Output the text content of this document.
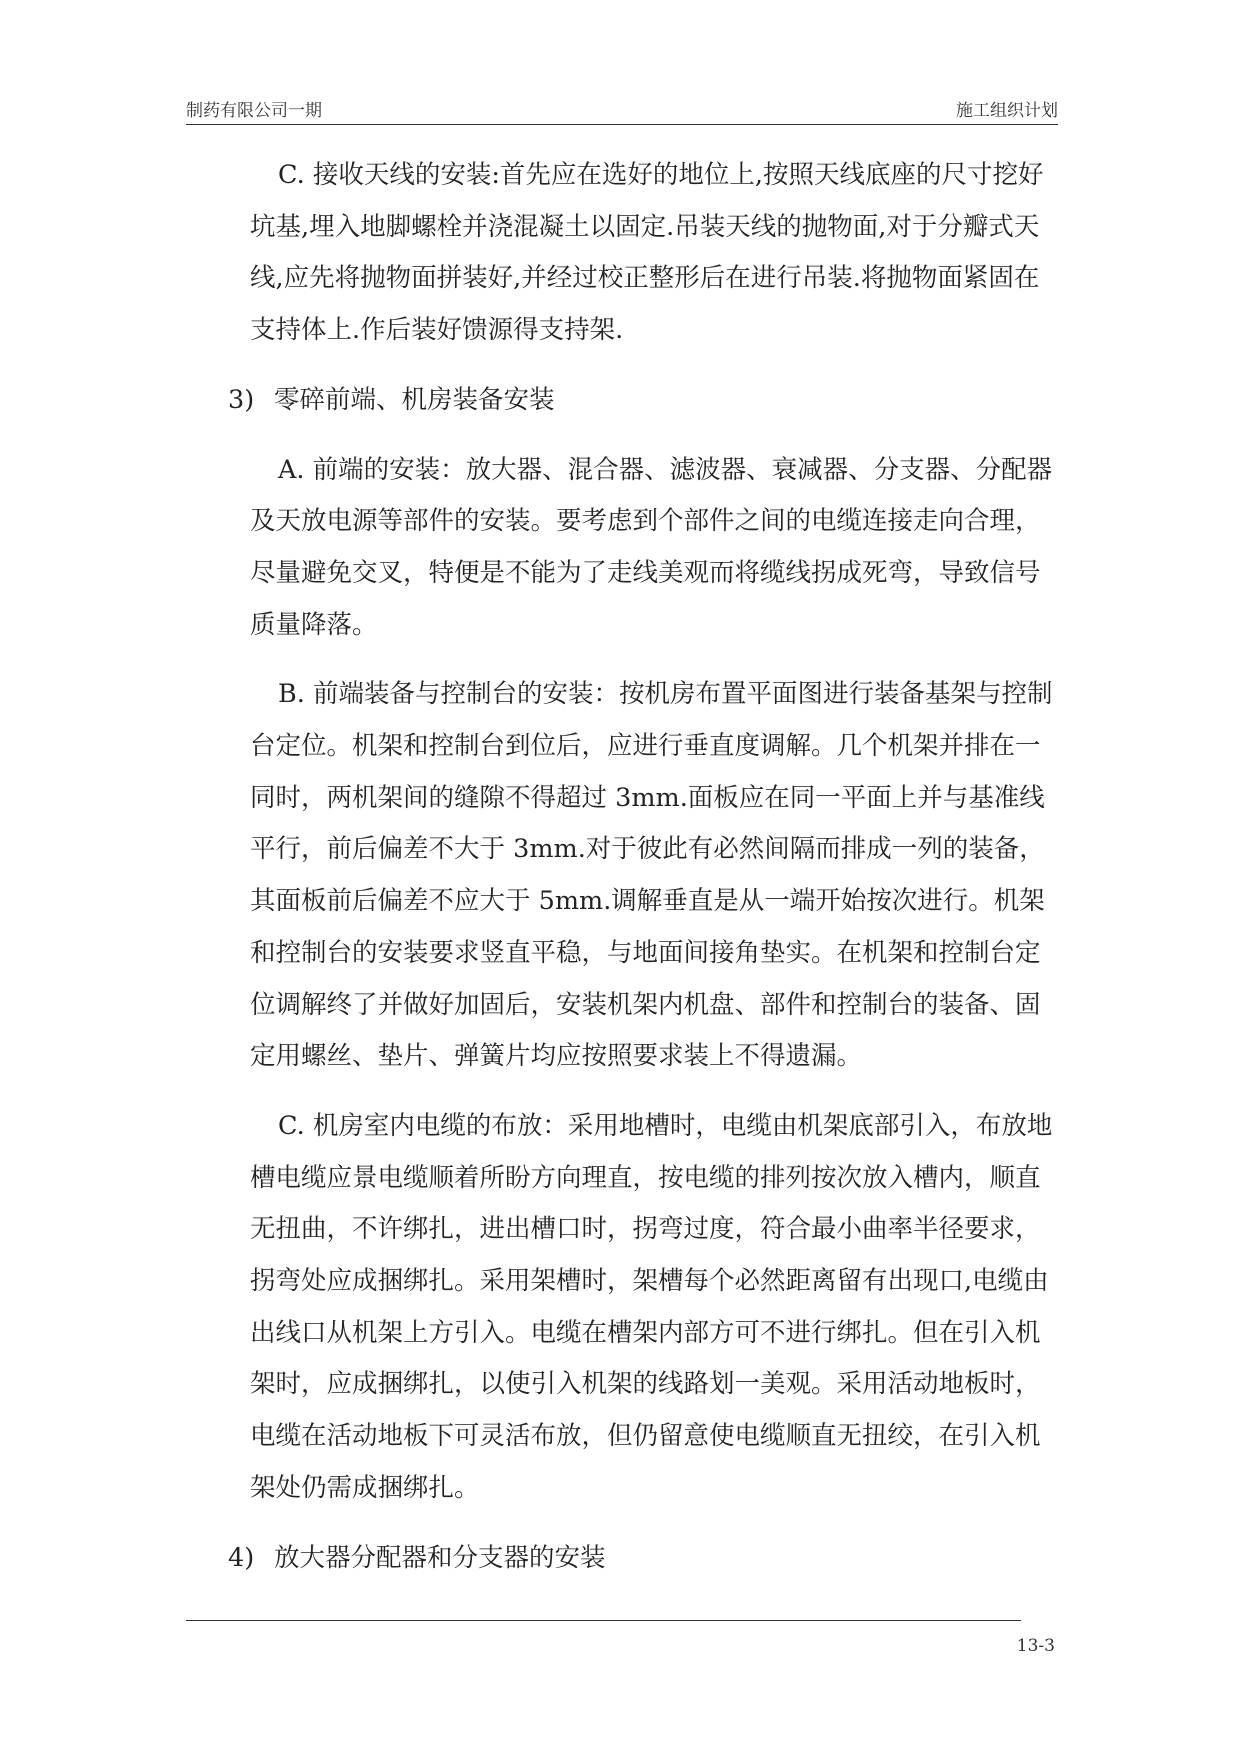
制药有限公司一期	施工组织计划

C. 接收天线的安装:首先应在选好的地位上,按照天线底座的尺寸挖好坑基,埋入地脚螺栓并浇混凝土以固定.吊装天线的抛物面,对于分瓣式天线,应先将抛物面拼装好,并经过校正整形后在进行吊装.将抛物面紧固在支持体上.作后装好馈源得支持架.

3) 零碎前端、机房装备安装

A. 前端的安装：放大器、混合器、滤波器、衰减器、分支器、分配器及天放电源等部件的安装。要考虑到个部件之间的电缆连接走向合理，尽量避免交叉，特便是不能为了走线美观而将缆线拐成死弯，导致信号质量降落。

B. 前端装备与控制台的安装：按机房布置平面图进行装备基架与控制台定位。机架和控制台到位后，应进行垂直度调解。几个机架并排在一同时，两机架间的缝隙不得超过 3mm.面板应在同一平面上并与基准线平行，前后偏差不大于 3mm.对于彼此有必然间隔而排成一列的装备，其面板前后偏差不应大于 5mm.调解垂直是从一端开始按次进行。机架和控制台的安装要求竖直平稳，与地面间接角垫实。在机架和控制台定位调解终了并做好加固后，安装机架内机盘、部件和控制台的装备、固定用螺丝、垫片、弹簧片均应按照要求装上不得遗漏。

C. 机房室内电缆的布放：采用地槽时，电缆由机架底部引入，布放地槽电缆应景电缆顺着所盼方向理直，按电缆的排列按次放入槽内，顺直无扭曲，不许绑扎，进出槽口时，拐弯过度，符合最小曲率半径要求，拐弯处应成捆绑扎。采用架槽时，架槽每个必然距离留有出现口,电缆由出线口从机架上方引入。电缆在槽架内部方可不进行绑扎。但在引入机架时，应成捆绑扎，以使引入机架的线路划一美观。采用活动地板时，电缆在活动地板下可灵活布放，但仍留意使电缆顺直无扭绞，在引入机架处仍需成捆绑扎。

4) 放大器分配器和分支器的安装

13-3
